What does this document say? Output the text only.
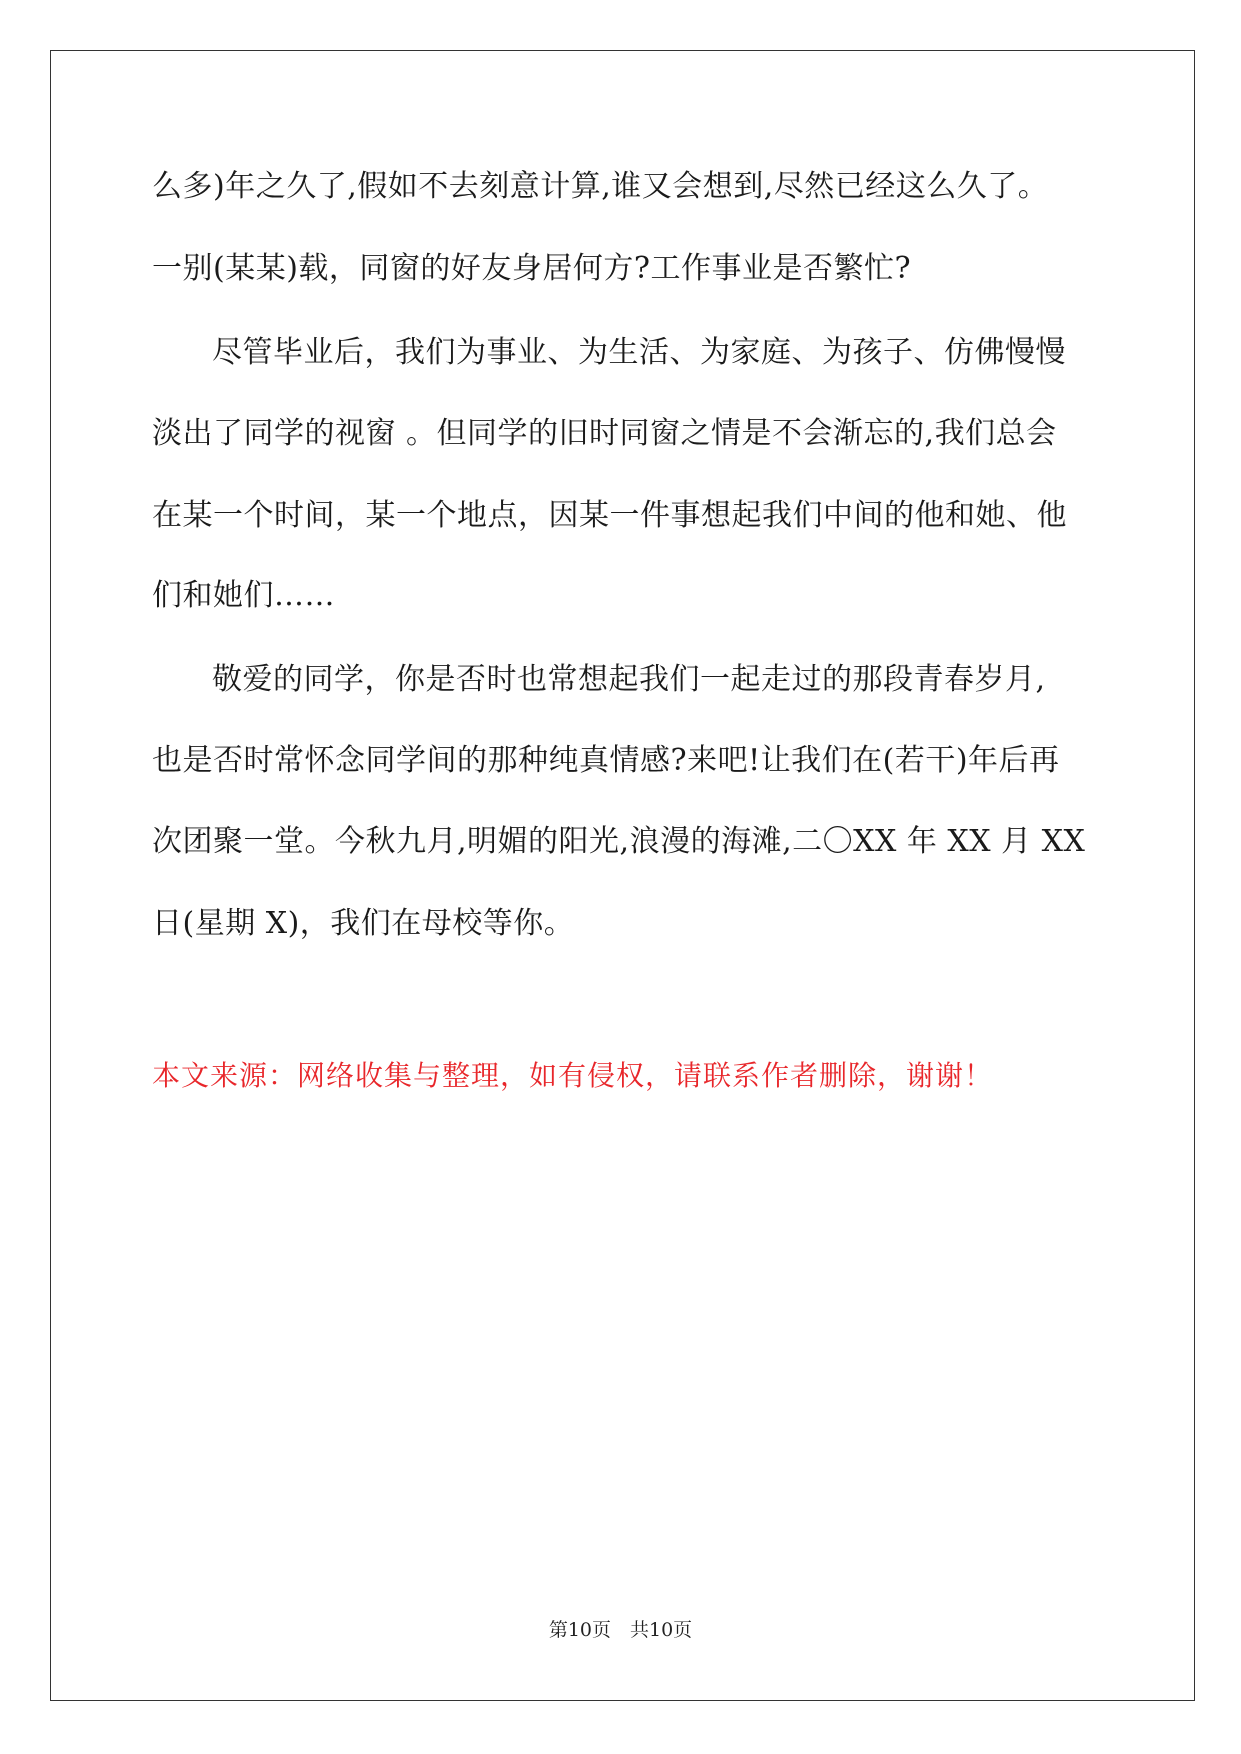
么多)年之久了,假如不去刻意计算,谁又会想到,尽然已经这么久了。
一别(某某)载，同窗的好友身居何方?工作事业是否繁忙?
尽管毕业后，我们为事业、为生活、为家庭、为孩子、仿佛慢慢
淡出了同学的视窗 。但同学的旧时同窗之情是不会渐忘的,我们总会
在某一个时间，某一个地点，因某一件事想起我们中间的他和她、他
们和她们……
敬爱的同学，你是否时也常想起我们一起走过的那段青春岁月,
也是否时常怀念同学间的那种纯真情感?来吧!让我们在(若干)年后再
次团聚一堂。今秋九月,明媚的阳光,浪漫的海滩,二〇XX 年 XX 月 XX
日(星期 X)，我们在母校等你。
本文来源：网络收集与整理，如有侵权，请联系作者删除，谢谢！
第10页　共10页
